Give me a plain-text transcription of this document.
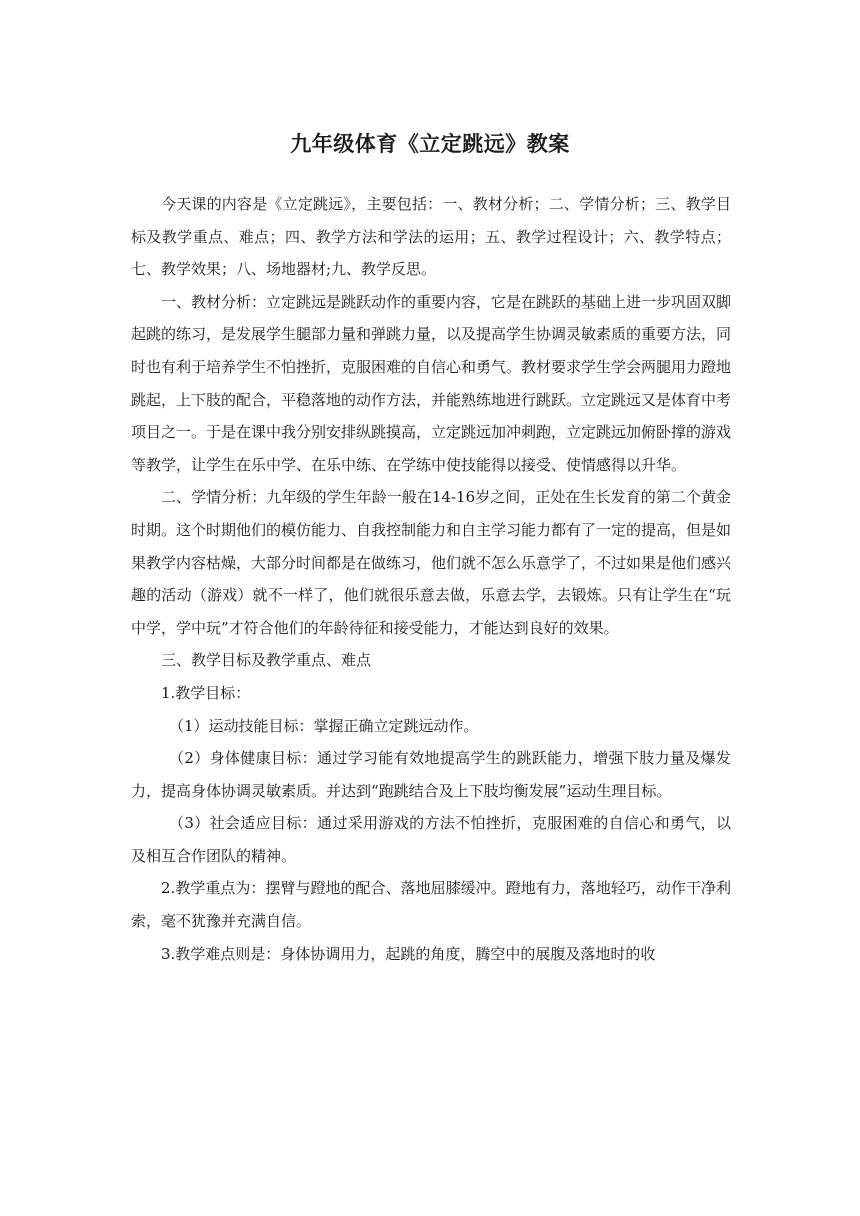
九年级体育《立定跳远》教案

今天课的内容是《立定跳远》，主要包括：一、教材分析；二、学情分析；三、教学目标及教学重点、难点；四、教学方法和学法的运用；五、教学过程设计；六、教学特点；七、教学效果；八、场地器材;九、教学反思。

一、教材分析：立定跳远是跳跃动作的重要内容，它是在跳跃的基础上进一步巩固双脚起跳的练习，是发展学生腿部力量和弹跳力量，以及提高学生协调灵敏素质的重要方法，同时也有利于培养学生不怕挫折，克服困难的自信心和勇气。教材要求学生学会两腿用力蹬地跳起，上下肢的配合，平稳落地的动作方法，并能熟练地进行跳跃。立定跳远又是体育中考项目之一。于是在课中我分别安排纵跳摸高，立定跳远加冲刺跑，立定跳远加俯卧撑的游戏等教学，让学生在乐中学、在乐中练、在学练中使技能得以接受、使情感得以升华。

二、学情分析：九年级的学生年龄一般在14-16岁之间，正处在生长发育的第二个黄金时期。这个时期他们的模仿能力、自我控制能力和自主学习能力都有了一定的提高，但是如果教学内容枯燥，大部分时间都是在做练习，他们就不怎么乐意学了，不过如果是他们感兴趣的活动（游戏）就不一样了，他们就很乐意去做，乐意去学，去锻炼。只有让学生在“玩中学，学中玩”才符合他们的年龄待征和接受能力，才能达到良好的效果。

三、教学目标及教学重点、难点

1.教学目标：

（1）运动技能目标：掌握正确立定跳远动作。

（2）身体健康目标：通过学习能有效地提高学生的跳跃能力，增强下肢力量及爆发力，提高身体协调灵敏素质。并达到“跑跳结合及上下肢均衡发展”运动生理目标。

（3）社会适应目标：通过采用游戏的方法不怕挫折，克服困难的自信心和勇气，以及相互合作团队的精神。

2.教学重点为：摆臂与蹬地的配合、落地屈膝缓冲。蹬地有力，落地轻巧，动作干净利索，毫不犹豫并充满自信。

3.教学难点则是：身体协调用力，起跳的角度，腾空中的展腹及落地时的收
